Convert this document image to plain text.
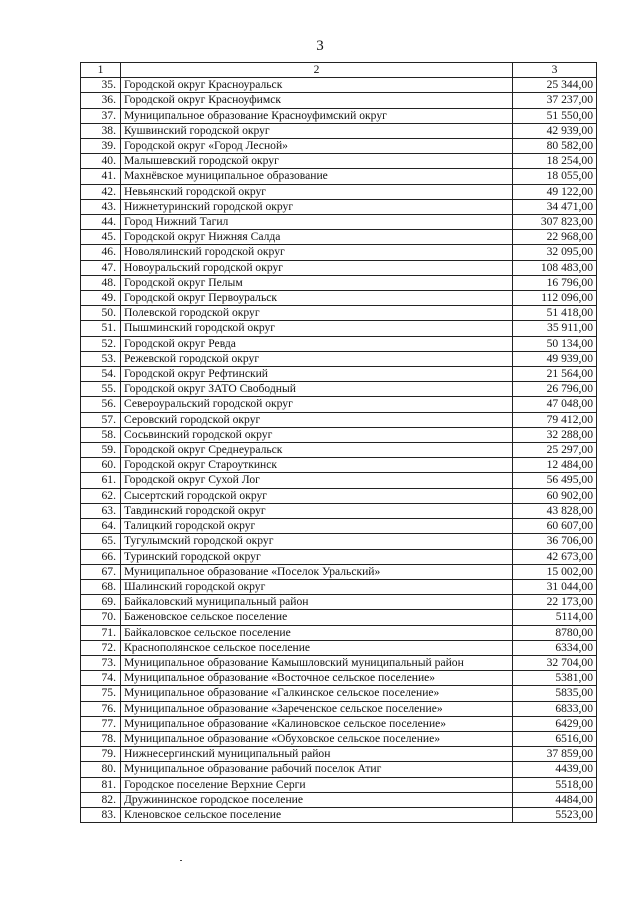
3
1	2	3
35.	Городской округ Красноуральск	25 344,00
36.	Городской округ Красноуфимск	37 237,00
37.	Муниципальное образование Красноуфимский округ	51 550,00
38.	Кушвинский городской округ	42 939,00
39.	Городской округ «Город Лесной»	80 582,00
40.	Малышевский городской округ	18 254,00
41.	Махнёвское муниципальное образование	18 055,00
42.	Невьянский городской округ	49 122,00
43.	Нижнетуринский городской округ	34 471,00
44.	Город Нижний Тагил	307 823,00
45.	Городской округ Нижняя Салда	22 968,00
46.	Новолялинский городской округ	32 095,00
47.	Новоуральский городской округ	108 483,00
48.	Городской округ Пелым	16 796,00
49.	Городской округ Первоуральск	112 096,00
50.	Полевской городской округ	51 418,00
51.	Пышминский городской округ	35 911,00
52.	Городской округ Ревда	50 134,00
53.	Режевской городской округ	49 939,00
54.	Городской округ Рефтинский	21 564,00
55.	Городской округ ЗАТО Свободный	26 796,00
56.	Североуральский городской округ	47 048,00
57.	Серовский городской округ	79 412,00
58.	Сосьвинский городской округ	32 288,00
59.	Городской округ Среднеуральск	25 297,00
60.	Городской округ Староуткинск	12 484,00
61.	Городской округ Сухой Лог	56 495,00
62.	Сысертский городской округ	60 902,00
63.	Тавдинский городской округ	43 828,00
64.	Талицкий городской округ	60 607,00
65.	Тугулымский городской округ	36 706,00
66.	Туринский городской округ	42 673,00
67.	Муниципальное образование «Поселок Уральский»	15 002,00
68.	Шалинский городской округ	31 044,00
69.	Байкаловский муниципальный район	22 173,00
70.	Баженовское сельское поселение	5114,00
71.	Байкаловское сельское поселение	8780,00
72.	Краснополянское сельское поселение	6334,00
73.	Муниципальное образование Камышловский муниципальный район	32 704,00
74.	Муниципальное образование «Восточное сельское поселение»	5381,00
75.	Муниципальное образование «Галкинское сельское поселение»	5835,00
76.	Муниципальное образование «Зареченское сельское поселение»	6833,00
77.	Муниципальное образование «Калиновское сельское поселение»	6429,00
78.	Муниципальное образование «Обуховское сельское поселение»	6516,00
79.	Нижнесергинский муниципальный район	37 859,00
80.	Муниципальное образование рабочий поселок Атиг	4439,00
81.	Городское поселение Верхние Серги	5518,00
82.	Дружининское городское поселение	4484,00
83.	Кленовское сельское поселение	5523,00
